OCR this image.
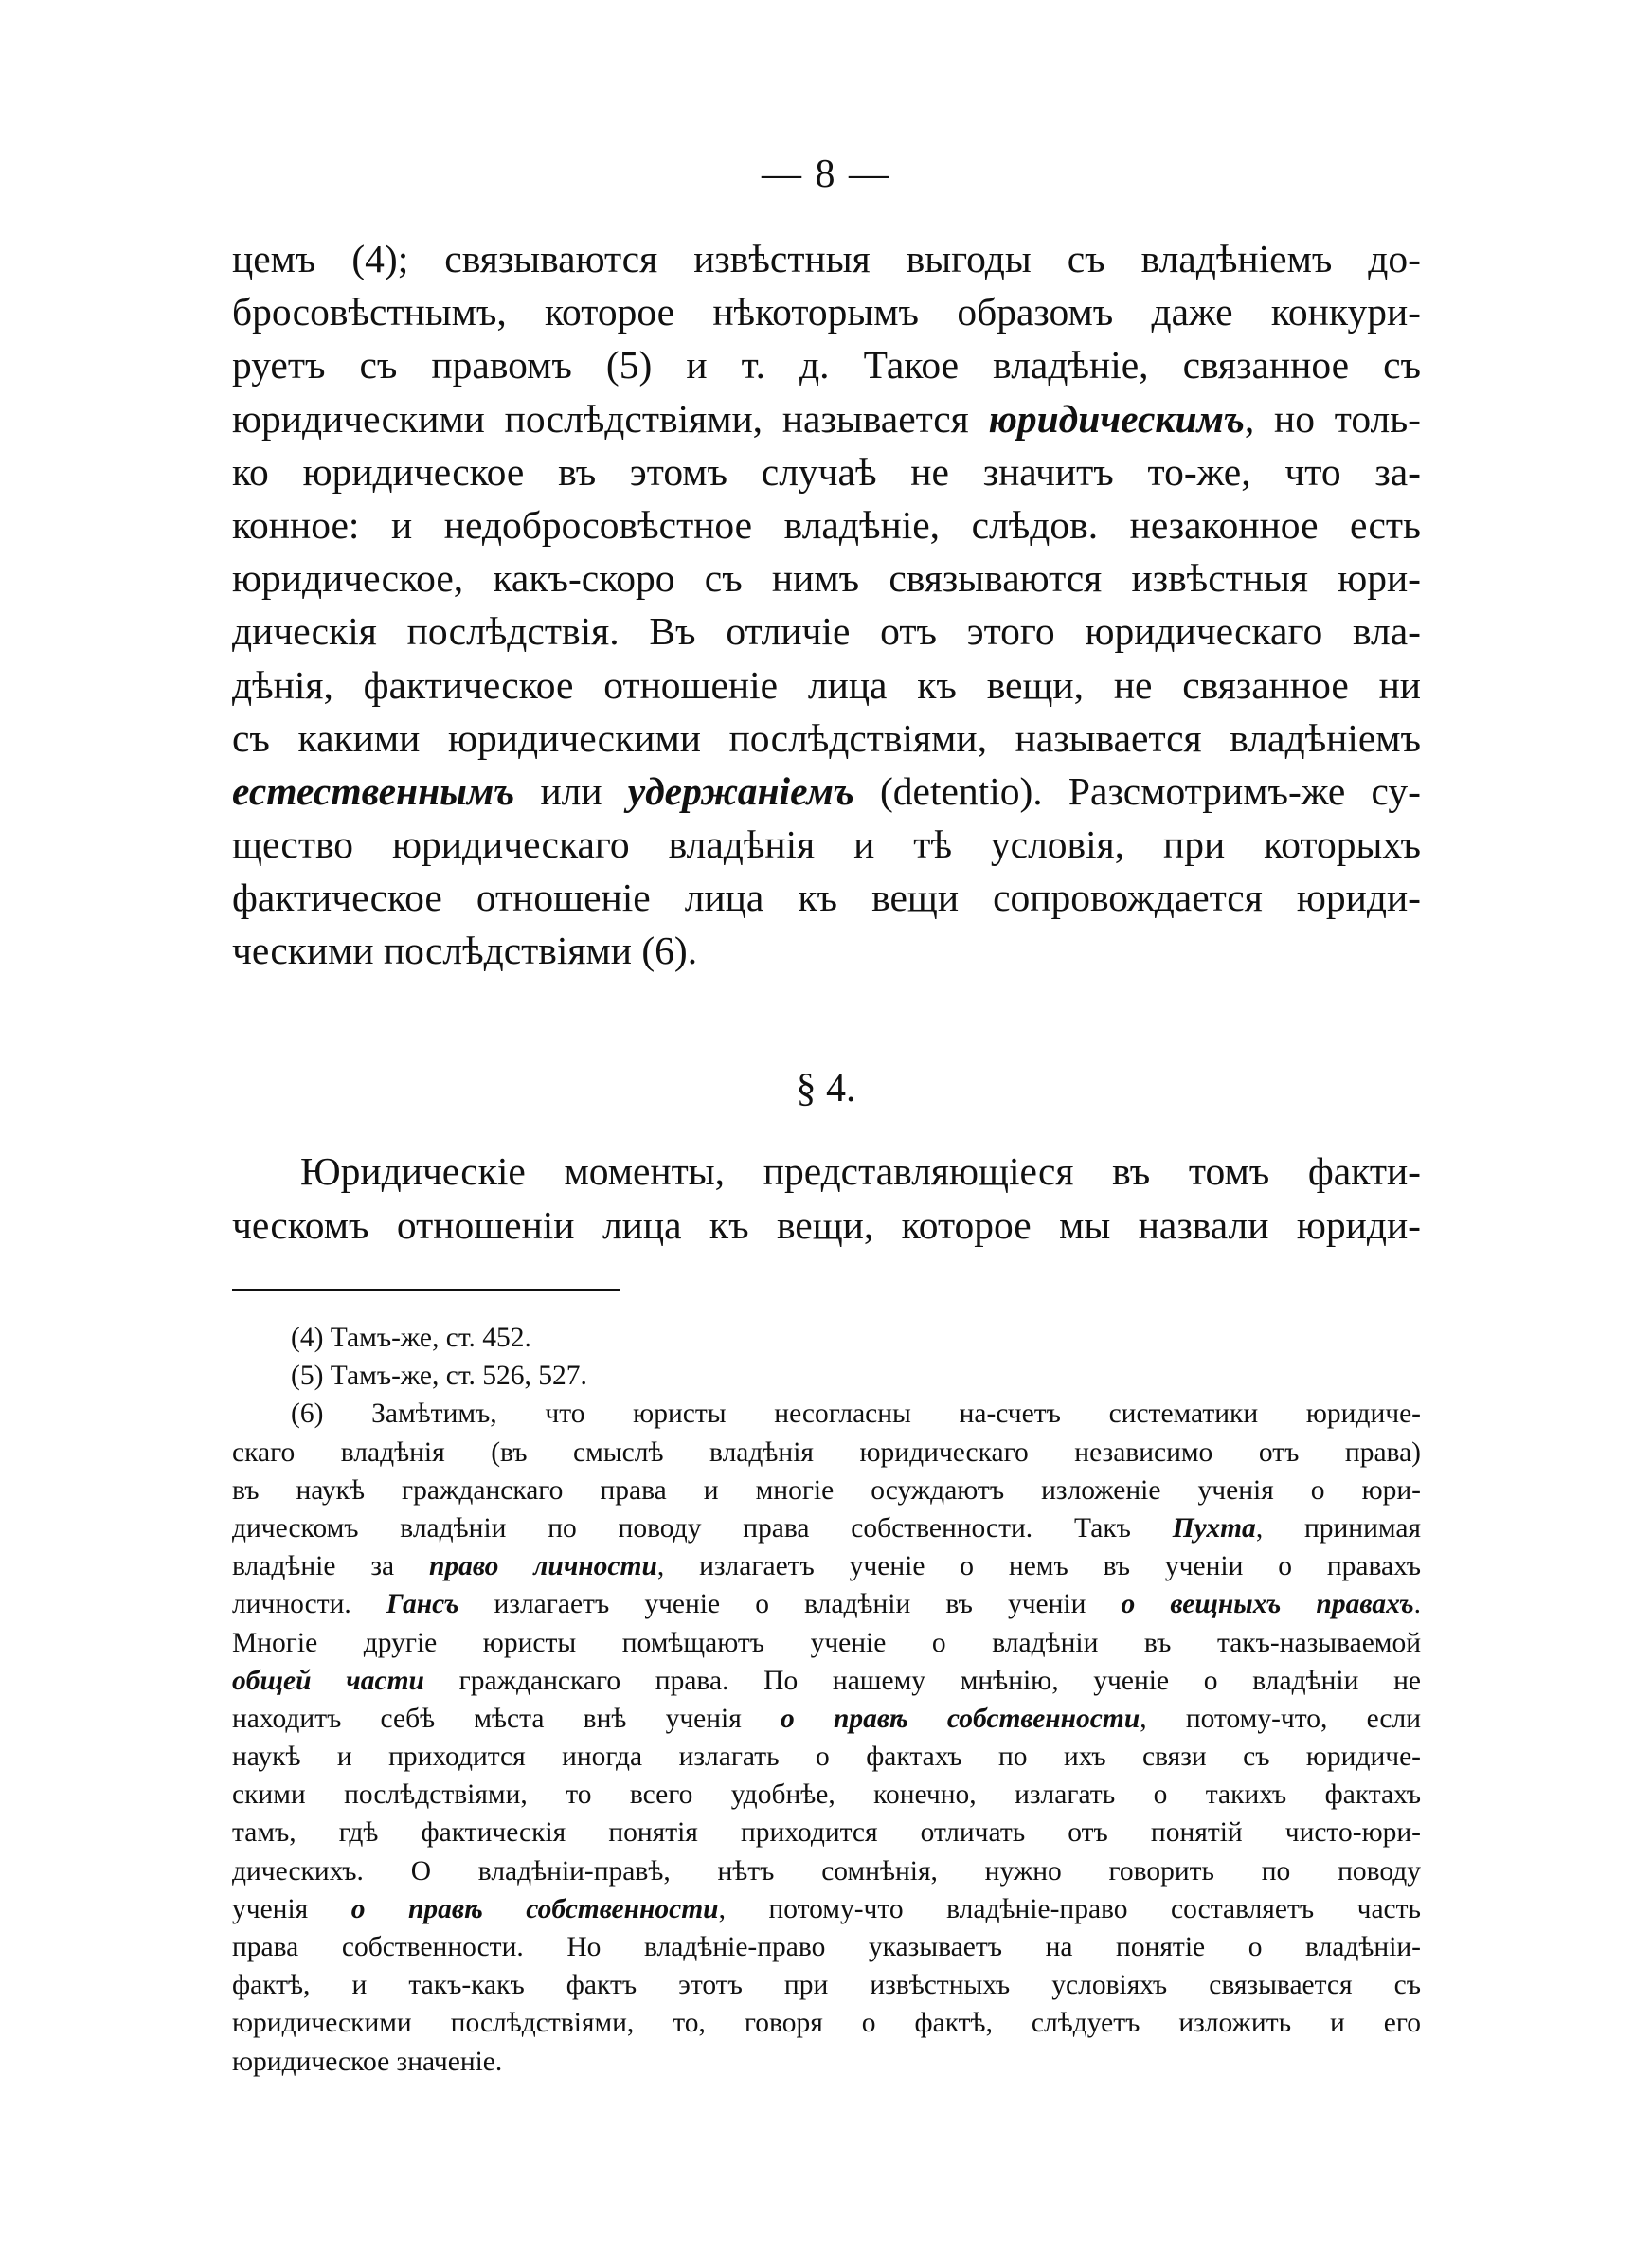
— 8 —
цемъ (4); связываются извѣстныя выгоды съ владѣніемъ до-
бросовѣстнымъ, которое нѣкоторымъ образомъ даже конкури-
руетъ съ правомъ (5) и т. д. Такое владѣніе, связанное съ
юридическими послѣдствіями, называется юридическимъ, но толь-
ко юридическое въ этомъ случаѣ не значитъ то-же, что за-
конное: и недобросовѣстное владѣніе, слѣдов. незаконное есть
юридическое, какъ-скоро съ нимъ связываются извѣстныя юри-
дическія послѣдствія. Въ отличіе отъ этого юридическаго вла-
дѣнія, фактическое отношеніе лица къ вещи, не связанное ни
съ какими юридическими послѣдствіями, называется владѣніемъ
естественнымъ или удержаніемъ (detentio). Разсмотримъ-же су-
щество юридическаго владѣнія и тѣ условія, при которыхъ
фактическое отношеніе лица къ вещи сопровождается юриди-
ческими послѣдствіями (6).
§ 4.
Юридическіе моменты, представляющіеся въ томъ факти-
ческомъ отношеніи лица къ вещи, которое мы назвали юриди-
(4) Тамъ-же, ст. 452.
(5) Тамъ-же, ст. 526, 527.
(6) Замѣтимъ, что юристы несогласны на-счетъ систематики юридиче-
скаго владѣнія (въ смыслѣ владѣнія юридическаго независимо отъ права)
въ наукѣ гражданскаго права и многіе осуждаютъ изложеніе ученія о юри-
дическомъ владѣніи по поводу права собственности. Такъ Пухта, принимая
владѣніе за право личности, излагаетъ ученіе о немъ въ ученіи о правахъ
личности. Гансъ излагаетъ ученіе о владѣніи въ ученіи о вещныхъ правахъ.
Многіе другіе юристы помѣщаютъ ученіе о владѣніи въ такъ-называемой
общей части гражданскаго права. По нашему мнѣнію, ученіе о владѣніи не
находитъ себѣ мѣста внѣ ученія о правѣ собственности, потому-что, если
наукѣ и приходится иногда излагать о фактахъ по ихъ связи съ юридиче-
скими послѣдствіями, то всего удобнѣе, конечно, излагать о такихъ фактахъ
тамъ, гдѣ фактическія понятія приходится отличать отъ понятій чисто-юри-
дическихъ. О владѣніи-правѣ, нѣтъ сомнѣнія, нужно говорить по поводу
ученія о правѣ собственности, потому-что владѣніе-право составляетъ часть
права собственности. Но владѣніе-право указываетъ на понятіе о владѣніи-
фактѣ, и такъ-какъ фактъ этотъ при извѣстныхъ условіяхъ связывается съ
юридическими послѣдствіями, то, говоря о фактѣ, слѣдуетъ изложить и его
юридическое значеніе.
